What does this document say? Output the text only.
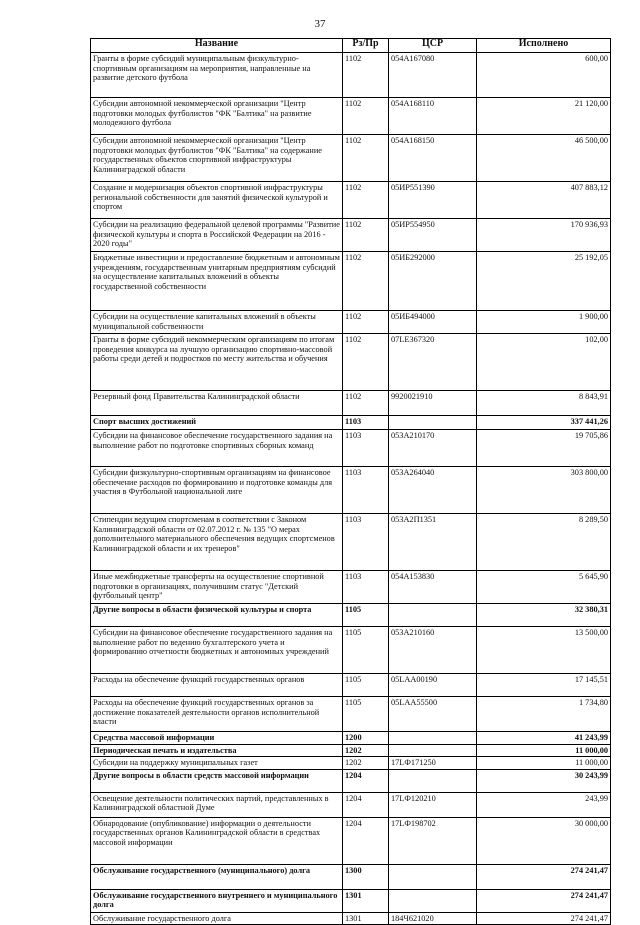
37
Название	Рз/Пр	ЦСР	Исполнено
Гранты в форме субсидий муниципальным физкультурно-спортивным организациям на мероприятия, направленные на развитие детского футбола	1102	054А167080	600,00
Субсидии автономной некоммерческой организации "Центр подготовки молодых футболистов "ФК "Балтика" на развитие молодежного футбола	1102	054А168110	21 120,00
Субсидии автономной некоммерческой организации "Центр подготовки молодых футболистов "ФК "Балтика" на содержание государственных объектов спортивной инфраструктуры Калининградской области	1102	054А168150	46 500,00
Создание и модернизация объектов спортивной инфраструктуры региональной собственности для занятий физической культурой и спортом	1102	05ИР551390	407 883,12
Субсидии на реализацию федеральной целевой программы "Развитие физической культуры и спорта в Российской Федерации на 2016 - 2020 годы"	1102	05ИР554950	170 936,93
Бюджетные инвестиции и предоставление бюджетным и автономным учреждениям, государственным унитарным предприятиям субсидий на осуществление капитальных вложений в объекты государственной собственности	1102	05ИБ292000	25 192,05
Субсидии на осуществление капитальных вложений в объекты муниципальной собственности	1102	05ИБ494000	1 900,00
Гранты в форме субсидий некоммерческим организациям по итогам проведения конкурса на лучшую организацию спортивно-массовой работы среди детей и подростков по месту жительства и обучения	1102	07LЕ367320	102,00
Резервный фонд Правительства Калининградской области	1102	9920021910	8 843,91
Спорт высших достижений	1103		337 441,26
Субсидии на финансовое обеспечение государственного задания на выполнение работ по подготовке спортивных сборных команд	1103	053А210170	19 705,86
Субсидии физкультурно-спортивным организациям на финансовое обеспечение расходов по формированию и подготовке команды для участия в Футбольной национальной лиге	1103	053А264040	303 800,00
Стипендии ведущим спортсменам в соответствии с Законом Калининградской области от 02.07.2012 г. № 135 "О мерах дополнительного материального обеспечения ведущих спортсменов Калининградской области и их тренеров"	1103	053А2П1351	8 289,50
Иные межбюджетные трансферты на осуществление спортивной подготовки в организациях, получившим статус "Детский футбольный центр"	1103	054А153830	5 645,90
Другие вопросы в области физической культуры и спорта	1105		32 380,31
Субсидии на финансовое обеспечение государственного задания на выполнение работ по ведению бухгалтерского учета и формированию отчетности бюджетных и автономных учреждений	1105	053А210160	13 500,00
Расходы на обеспечение функций государственных органов	1105	05LАА00190	17 145,51
Расходы на обеспечение функций государственных органов за достижение показателей деятельности органов исполнительной власти	1105	05LАА55500	1 734,80
Средства массовой информации	1200		41 243,99
Периодическая печать и издательства	1202		11 000,00
Субсидии на поддержку муниципальных газет	1202	17LФ171250	11 000,00
Другие вопросы в области средств массовой информации	1204		30 243,99
Освещение деятельности политических партий, представленных в Калининградской областной Думе	1204	17LФ120210	243,99
Обнародование (опубликование) информации о деятельности государственных органов Калининградской области в средствах массовой информации	1204	17LФ198702	30 000,00
Обслуживание государственного (муниципального) долга	1300		274 241,47
Обслуживание государственного внутреннего и муниципального долга	1301		274 241,47
Обслуживание государственного долга	1301	184Ч621020	274 241,47
